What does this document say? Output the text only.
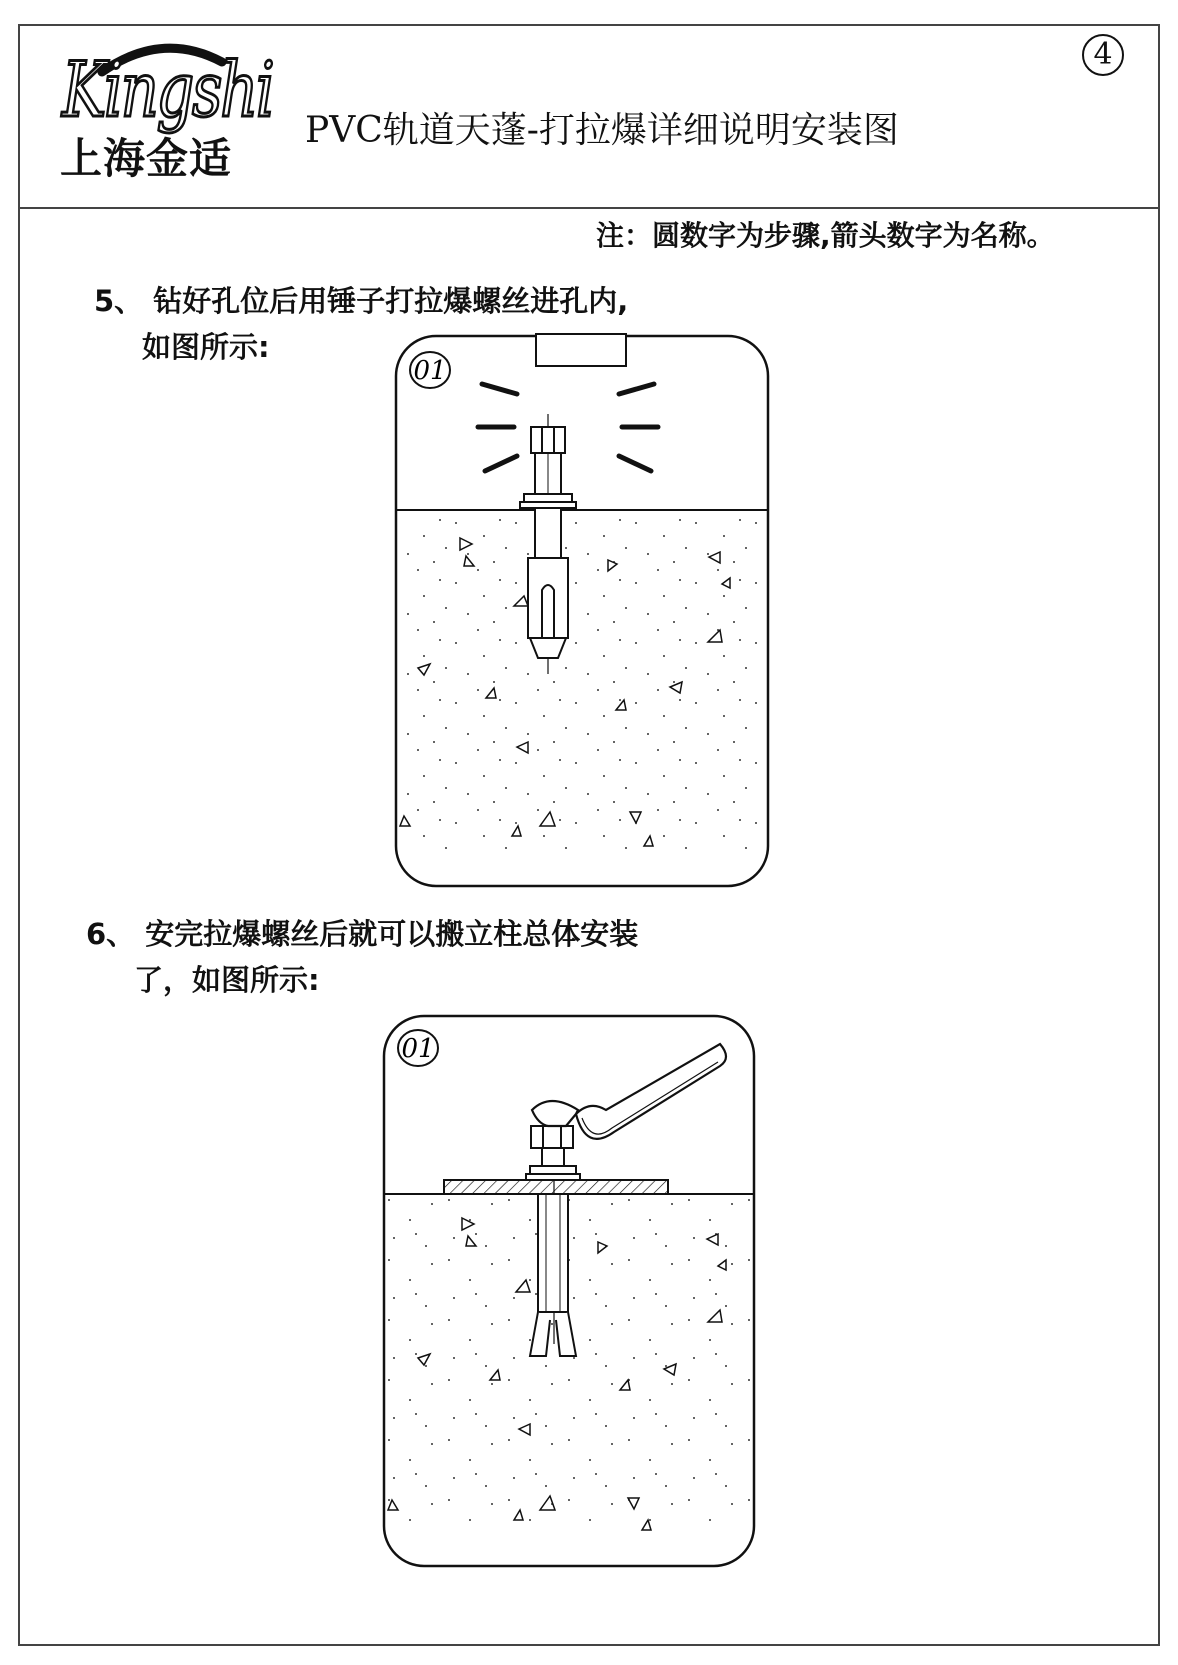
Kingshi
上海金适
4
PVC轨道天蓬-打拉爆详细说明安装图
注：圆数字为步骤,箭头数字为名称。
5、 钻好孔位后用锤子打拉爆螺丝进孔内,
如图所示:
01
6、 安完拉爆螺丝后就可以搬立柱总体安装
了，如图所示:
01
